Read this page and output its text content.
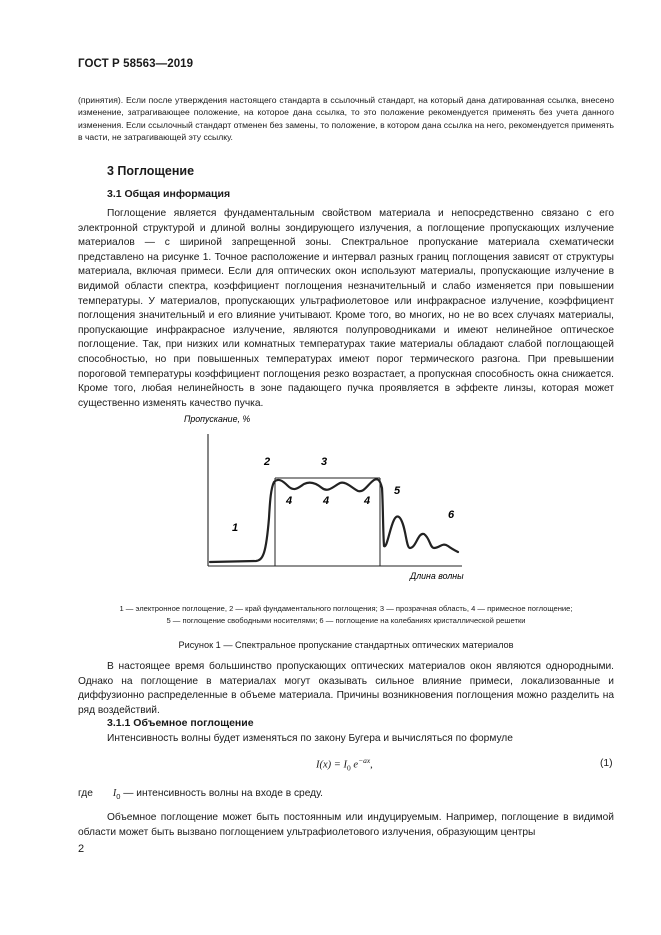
ГОСТ Р 58563—2019

(принятия). Если после утверждения настоящего стандарта в ссылочный стандарт, на который дана датированная ссылка, внесено изменение, затрагивающее положение, на которое дана ссылка, то это положение рекомендуется применять без учета данного изменения. Если ссылочный стандарт отменен без замены, то положение, в котором дана ссылка на него, рекомендуется применять в части, не затрагивающей эту ссылку.

3 Поглощение
3.1 Общая информация

Поглощение является фундаментальным свойством материала и непосредственно связано с его электронной структурой и длиной волны зондирующего излучения, а поглощение пропускающих излучение материалов — с шириной запрещенной зоны. Спектральное пропускание материала схематически представлено на рисунке 1. Точное расположение и интервал разных границ поглощения зависят от структуры материала, включая примеси. Если для оптических окон используют материалы, пропускающие излучение в видимой области спектра, коэффициент поглощения незначительный и слабо изменяется при повышении температуры. У материалов, пропускающих ультрафиолетовое или инфракрасное излучение, коэффициент поглощения значительный и его влияние учитывают. Кроме того, во многих, но не во всех случаях материалы, пропускающие инфракрасное излучение, являются полупроводниками и имеют нелинейное оптическое поглощение. Так, при низких или комнатных температурах такие материалы обладают слабой поглощающей способностью, но при повышенных температурах имеют порог термического разгона. При превышении пороговой температуры коэффициент поглощения резко возрастает, а пропускная способность окна снижается. Кроме того, любая нелинейность в зоне падающего пучка проявляется в эффекте линзы, которая может существенно изменять качество пучка.

Пропускание, %
Длина волны
1
2	3
4	4	4
5
6
1 — электронное поглощение, 2 — край фундаментального поглощения; 3 — прозрачная область, 4 — примесное поглощение;
5 — поглощение свободными носителями; 6 — поглощение на колебаниях кристаллической решетки
Рисунок 1 — Спектральное пропускание стандартных оптических материалов

В настоящее время большинство пропускающих оптических материалов окон являются однородными. Однако на поглощение в материалах могут оказывать сильное влияние примеси, локализованные и диффузионно распределенные в объеме материала. Причины возникновения поглощения можно разделить на ряд воздействий.

3.1.1 Объемное поглощение

Интенсивность волны будет изменяться по закону Бугера и вычисляться по формуле

$I(x) = I_0$ $e^{-ax}$,	(1)
где $I_0$ — интенсивность волны на входе в среду.

Объемное поглощение может быть постоянным или индуцируемым. Например, поглощение в видимой области может быть вызвано поглощением ультрафиолетового излучения, образующим центры

2
